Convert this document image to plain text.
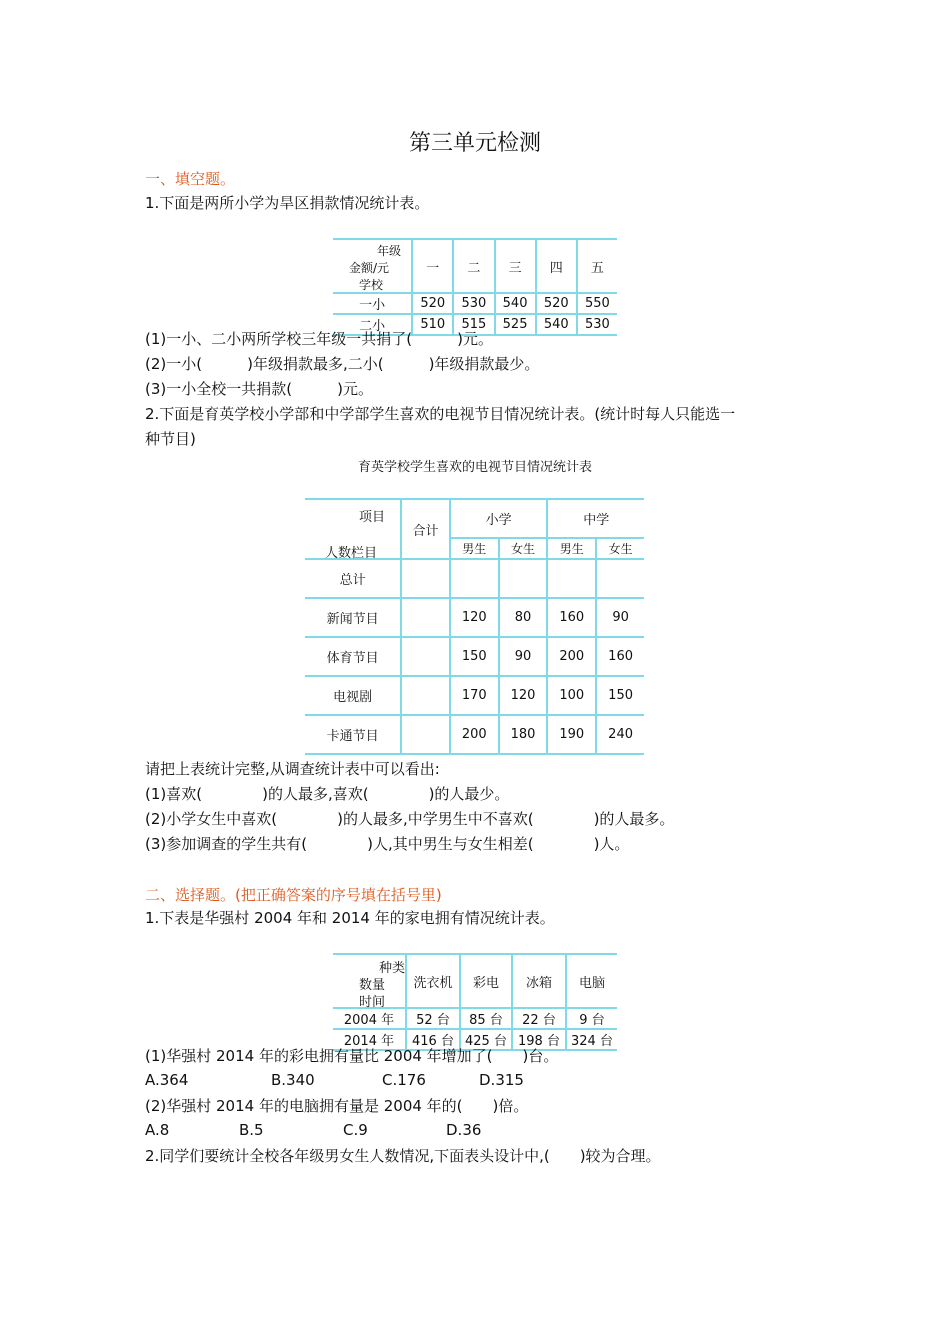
第三单元检测
一、填空题。
1.下面是两所小学为旱区捐款情况统计表。
年级
金额/元
学校	一	二	三	四	五
一小	520	530	540	520	550
二小	510	515	525	540	530
(1)一小、二小两所学校三年级一共捐了(　　　)元。
(2)一小(　　　)年级捐款最多,二小(　　　)年级捐款最少。
(3)一小全校一共捐款(　　　)元。
2.下面是育英学校小学部和中学部学生喜欢的电视节目情况统计表。(统计时每人只能选一
种节目)
育英学校学生喜欢的电视节目情况统计表
项目
人数栏目	合计	小学		中学	
		男生	女生	男生	女生
总计					
新闻节目		120	80	160	90
体育节目		150	90	200	160
电视剧		170	120	100	150
卡通节目		200	180	190	240
请把上表统计完整,从调查统计表中可以看出:
(1)喜欢(　　　　)的人最多,喜欢(　　　　)的人最少。
(2)小学女生中喜欢(　　　　)的人最多,中学男生中不喜欢(　　　　)的人最多。
(3)参加调查的学生共有(　　　　)人,其中男生与女生相差(　　　　)人。
二、选择题。(把正确答案的序号填在括号里)
1.下表是华强村 2004 年和 2014 年的家电拥有情况统计表。
种类
数量
时间	洗衣机	彩电	冰箱	电脑
2004 年	52 台	85 台	22 台	9 台
2014 年	416 台	425 台	198 台	324 台
(1)华强村 2014 年的彩电拥有量比 2004 年增加了(　　)台。
A.364	B.340	C.176	D.315
(2)华强村 2014 年的电脑拥有量是 2004 年的(　　)倍。
A.8	B.5	C.9	D.36
2.同学们要统计全校各年级男女生人数情况,下面表头设计中,(　　)较为合理。
